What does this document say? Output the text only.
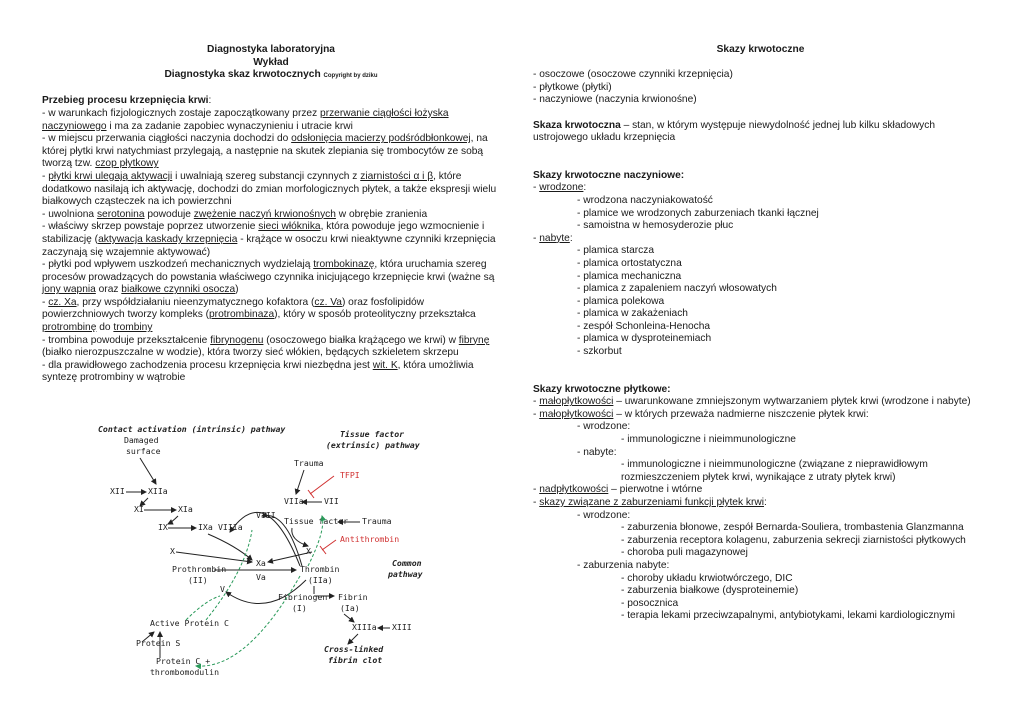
Diagnostyka laboratoryjna

Wykład

Diagnostyka skaz krwotocznych Copyright by dziku

Przebieg procesu krzepnięcia krwi:

- w warunkach fizjologicznych zostaje zapoczątkowany przez przerwanie ciągłości łożyska naczyniowego i ma za zadanie zapobiec wynaczynieniu i utracie krwi

- w miejscu przerwania ciągłości naczynia dochodzi do odsłonięcia macierzy podśródbłonkowej, na której płytki krwi natychmiast przylegają, a następnie na skutek zlepiania się trombocytów ze sobą tworzą tzw. czop płytkowy

- płytki krwi ulegają aktywacji i uwalniają szereg substancji czynnych z ziarnistości α i β, które dodatkowo nasilają ich aktywację, dochodzi do zmian morfologicznych płytek, a także ekspresji wielu białkowych cząsteczek na ich powierzchni

- uwolniona serotonina powoduje zwężenie naczyń krwionośnych w obrębie zranienia

- właściwy skrzep powstaje poprzez utworzenie sieci włóknika, która powoduje jego wzmocnienie i stabilizację (aktywacja kaskady krzepnięcia - krążące w osoczu krwi nieaktywne czynniki krzepnięcia zaczynają się wzajemnie aktywować)

- płytki pod wpływem uszkodzeń mechanicznych wydzielają trombokinazę, która uruchamia szereg procesów prowadzących do powstania właściwego czynnika inicjującego krzepnięcie krwi (ważne są jony wapnia oraz białkowe czynniki osocza)

- cz. Xa, przy współdziałaniu nieenzymatycznego kofaktora (cz. Va) oraz fosfolipidów powierzchniowych tworzy kompleks (protrombinaza), który w sposób proteolityczny przekształca protrombinę do trombiny

- trombina powoduje przekształcenie fibrynogenu (osoczowego białka krążącego we krwi) w fibrynę (białko nierozpuszczalne w wodzie), która tworzy sieć włókien, będących szkieletem skrzepu

- dla prawidłowego zachodzenia procesu krzepnięcia krwi niezbędna jest wit. K, która umożliwia syntezę protrombiny w wątrobie

Contact activation (intrinsic) pathway
Damaged
surface
Tissue factor
(extrinsic) pathway
Trauma
TFPI
XII	XIIa
XI	XIa
IX	IXa VIIIa
VIII
VIIa VII
Tissue factor Trauma
Antithrombin
X	X
Xa
Va
V
Prothrombin
(II)
Thrombin
(IIa)
Common
pathway
Fibrinogen
(I)
Fibrin
(Ia)
XIIIa XIII
Cross-linked
fibrin clot
Active Protein C
Protein S
Protein C +
thrombomodulin

Skazy krwotoczne

- osoczowe (osoczowe czynniki krzepnięcia)

- płytkowe (płytki)

- naczyniowe (naczynia krwionośne)

Skaza krwotoczna – stan, w którym występuje niewydolność jednej lub kilku składowych ustrojowego układu krzepnięcia

Skazy krwotoczne naczyniowe:

- wrodzone:

- wrodzona naczyniakowatość

- plamice we wrodzonych zaburzeniach tkanki łącznej

- samoistna w hemosyderozie płuc

- nabyte:

- plamica starcza

- plamica ortostatyczna

- plamica mechaniczna

- plamica z zapaleniem naczyń włosowatych

- plamica polekowa

- plamica w zakażeniach

- zespół Schonleina-Henocha

- plamica w dysproteinemiach

- szkorbut

Skazy krwotoczne płytkowe:

- małopłytkowości – uwarunkowane zmniejszonym wytwarzaniem płytek krwi (wrodzone i nabyte)

- małopłytkowości – w których przeważa nadmierne niszczenie płytek krwi:

- wrodzone:

- immunologiczne i nieimmunologiczne

- nabyte:

- immunologiczne i nieimmunologiczne (związane z nieprawidłowym rozmieszczeniem płytek krwi, wynikające z utraty płytek krwi)

- nadpłytkowości – pierwotne i wtórne

- skazy związane z zaburzeniami funkcji płytek krwi:

- wrodzone:

- zaburzenia błonowe, zespół Bernarda-Souliera, trombastenia Glanzmanna

- zaburzenia receptora kolagenu, zaburzenia sekrecji ziarnistości płytkowych

- choroba puli magazynowej

- zaburzenia nabyte:

- choroby układu krwiotwórczego, DIC

- zaburzenia białkowe (dysproteinemie)

- posocznica

- terapia lekami przeciwzapalnymi, antybiotykami, lekami kardiologicznymi
